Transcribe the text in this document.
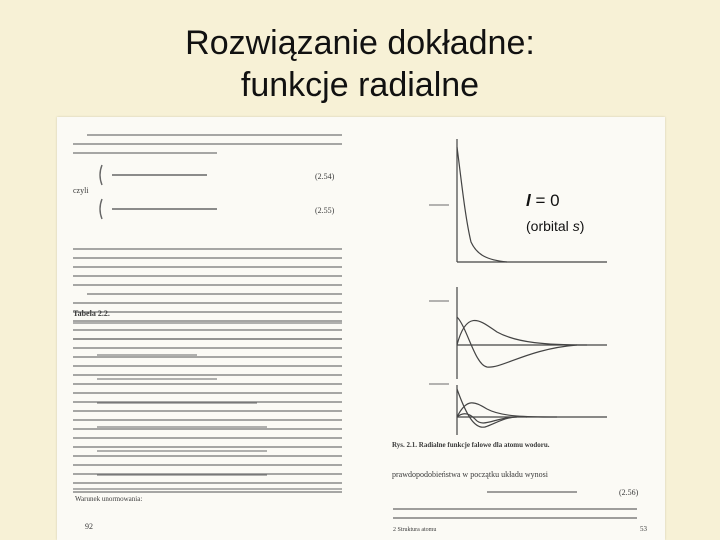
Rozwiązanie dokładne:
funkcje radialne
(2.54)
(2.55)
czyli
Tabela 2.2.
Warunek unormowania:
92
Rys. 2.1. Radialne funkcje falowe dla atomu wodoru.
prawdopodobieństwa w początku układu wynosi
(2.56)
2 Struktura atomu	53
l = 0
(orbital s)
